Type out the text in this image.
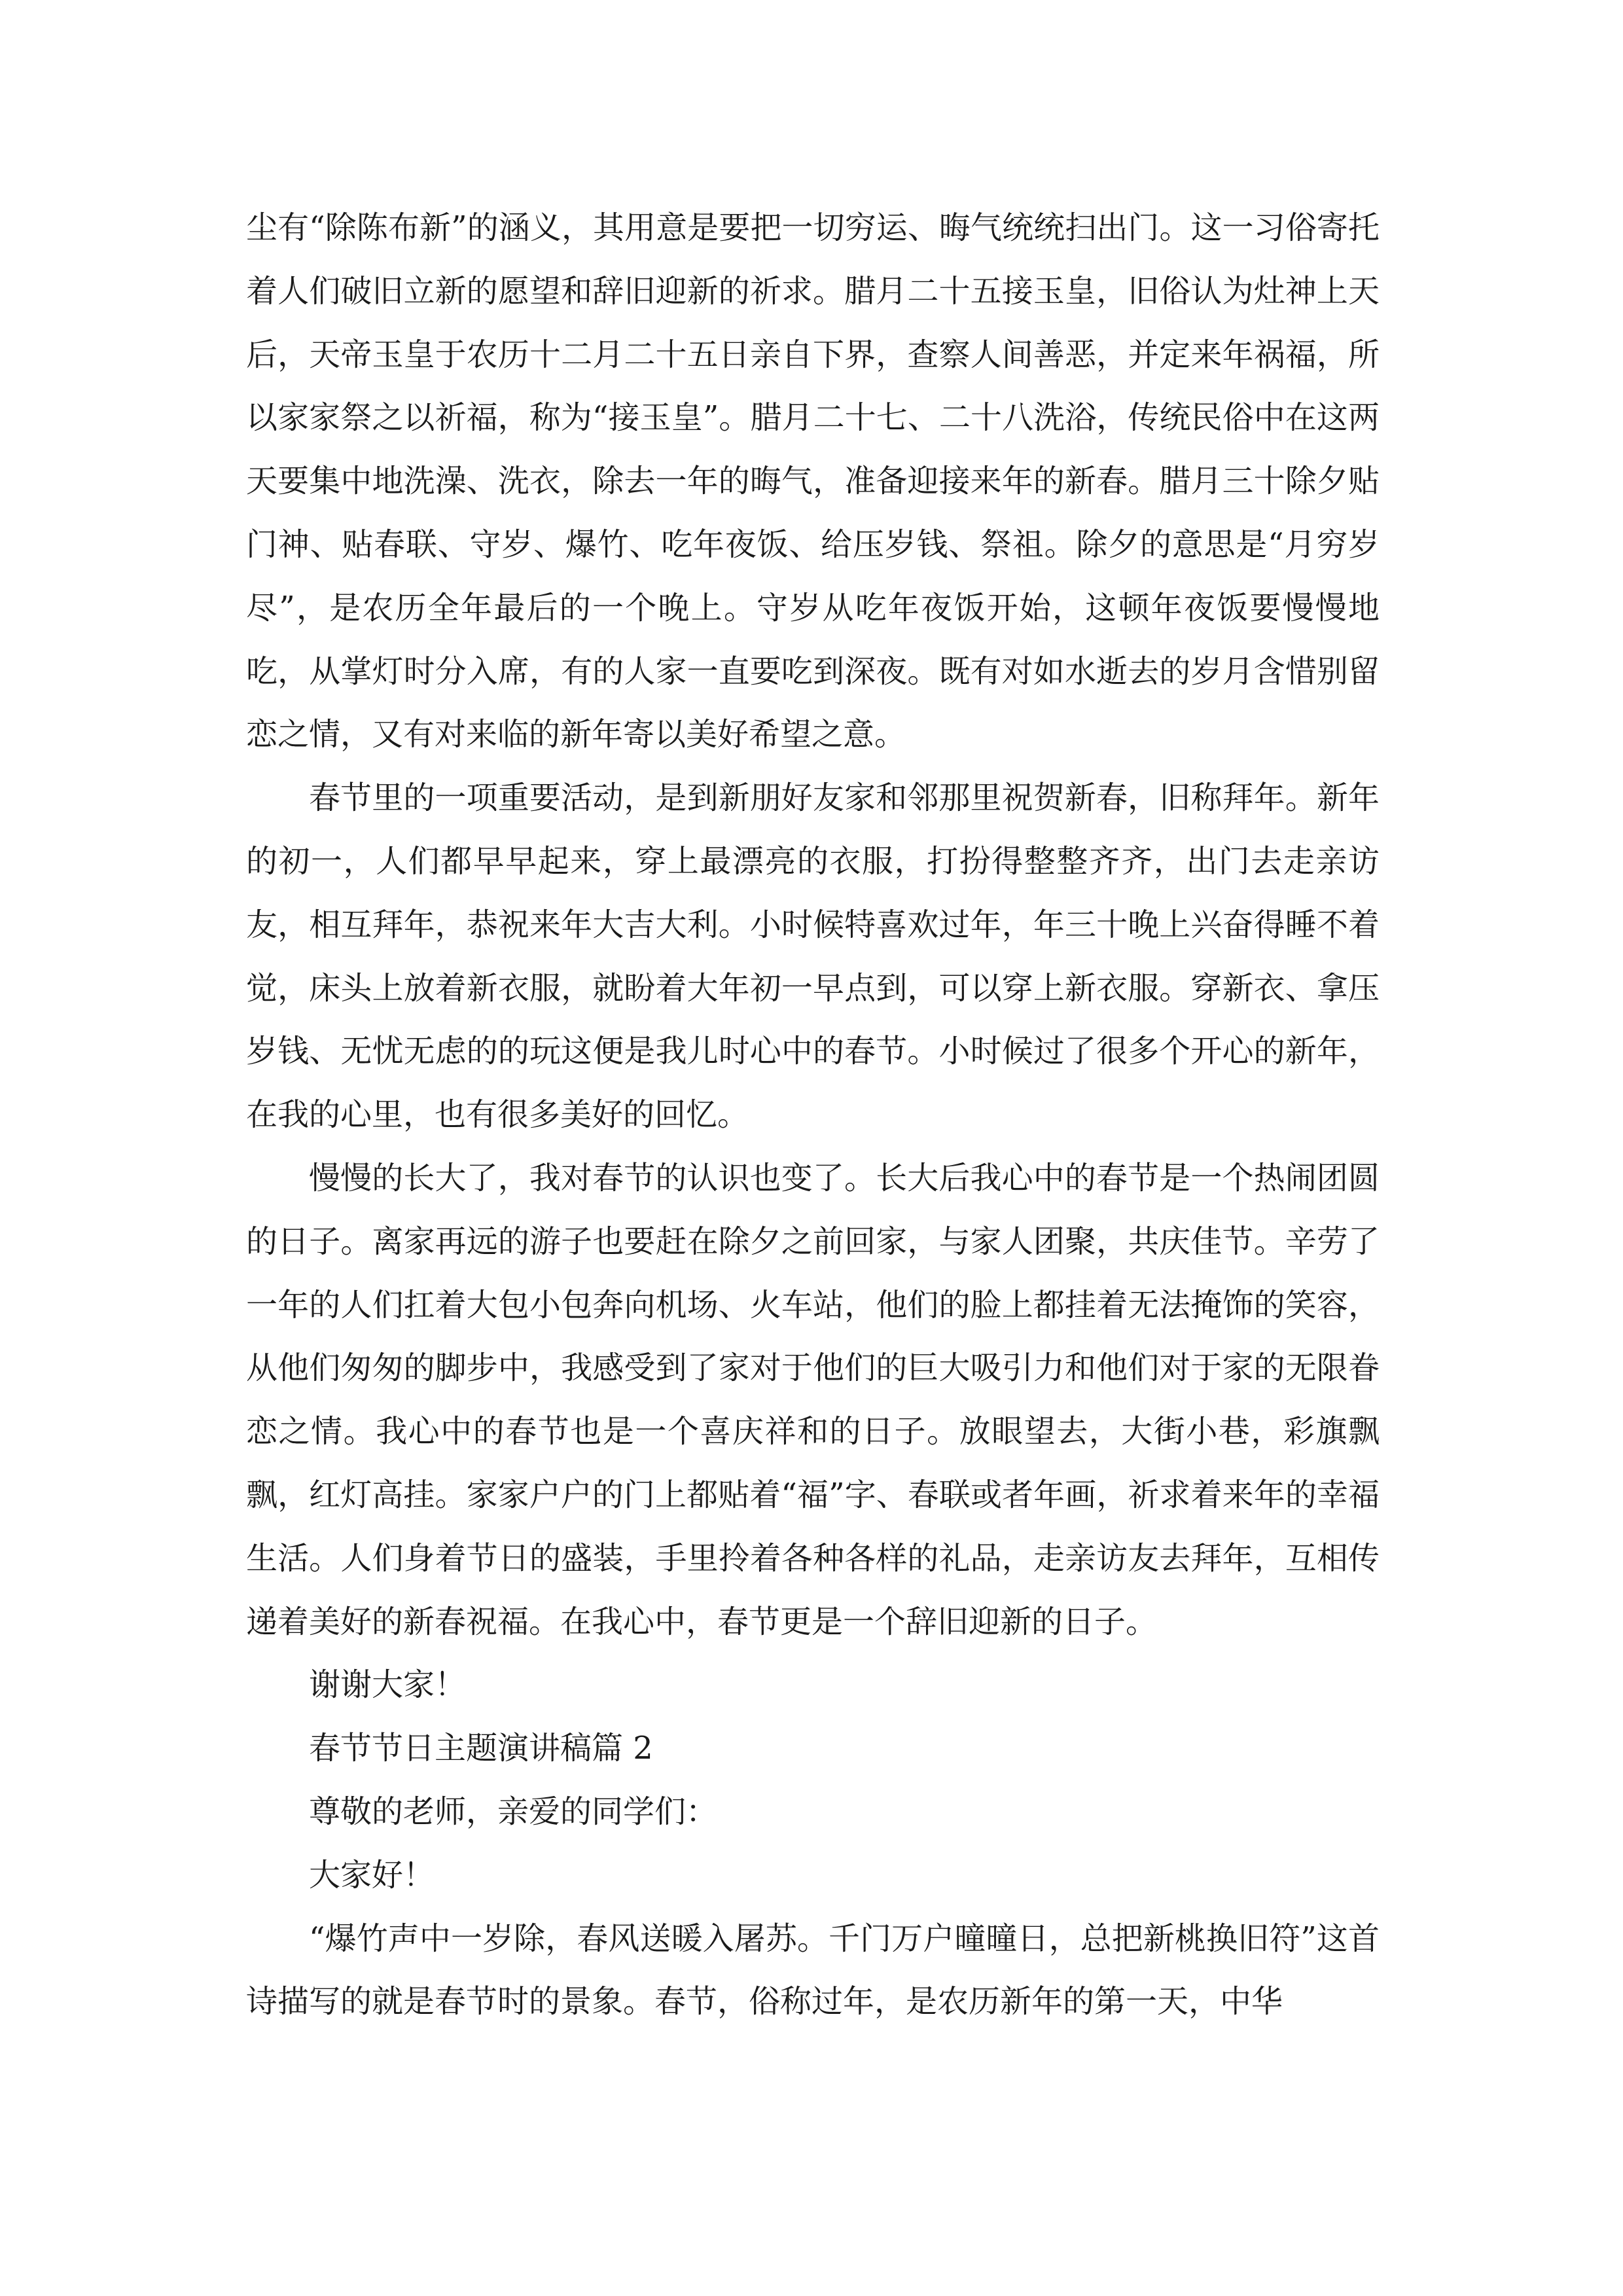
尘有“除陈布新”的涵义，其用意是要把一切穷运、晦气统统扫出门。这一习俗寄托着人们破旧立新的愿望和辞旧迎新的祈求。腊月二十五接玉皇，旧俗认为灶神上天后，天帝玉皇于农历十二月二十五日亲自下界，查察人间善恶，并定来年祸福，所以家家祭之以祈福，称为“接玉皇”。腊月二十七、二十八洗浴，传统民俗中在这两天要集中地洗澡、洗衣，除去一年的晦气，准备迎接来年的新春。腊月三十除夕贴门神、贴春联、守岁、爆竹、吃年夜饭、给压岁钱、祭祖。除夕的意思是“月穷岁尽”，是农历全年最后的一个晚上。守岁从吃年夜饭开始，这顿年夜饭要慢慢地吃，从掌灯时分入席，有的人家一直要吃到深夜。既有对如水逝去的岁月含惜别留恋之情，又有对来临的新年寄以美好希望之意。

春节里的一项重要活动，是到新朋好友家和邻那里祝贺新春，旧称拜年。新年的初一，人们都早早起来，穿上最漂亮的衣服，打扮得整整齐齐，出门去走亲访友，相互拜年，恭祝来年大吉大利。小时候特喜欢过年，年三十晚上兴奋得睡不着觉，床头上放着新衣服，就盼着大年初一早点到，可以穿上新衣服。穿新衣、拿压岁钱、无忧无虑的的玩这便是我儿时心中的春节。小时候过了很多个开心的新年，在我的心里，也有很多美好的回忆。

慢慢的长大了，我对春节的认识也变了。长大后我心中的春节是一个热闹团圆的日子。离家再远的游子也要赶在除夕之前回家，与家人团聚，共庆佳节。辛劳了一年的人们扛着大包小包奔向机场、火车站，他们的脸上都挂着无法掩饰的笑容，从他们匆匆的脚步中，我感受到了家对于他们的巨大吸引力和他们对于家的无限眷恋之情。我心中的春节也是一个喜庆祥和的日子。放眼望去，大街小巷，彩旗飘飘，红灯高挂。家家户户的门上都贴着“福”字、春联或者年画，祈求着来年的幸福生活。人们身着节日的盛装，手里拎着各种各样的礼品，走亲访友去拜年，互相传递着美好的新春祝福。在我心中，春节更是一个辞旧迎新的日子。

谢谢大家！

春节节日主题演讲稿篇 2

尊敬的老师，亲爱的同学们：

大家好！

“爆竹声中一岁除，春风送暖入屠苏。千门万户曈曈日，总把新桃换旧符”这首诗描写的就是春节时的景象。春节，俗称过年，是农历新年的第一天，中华
